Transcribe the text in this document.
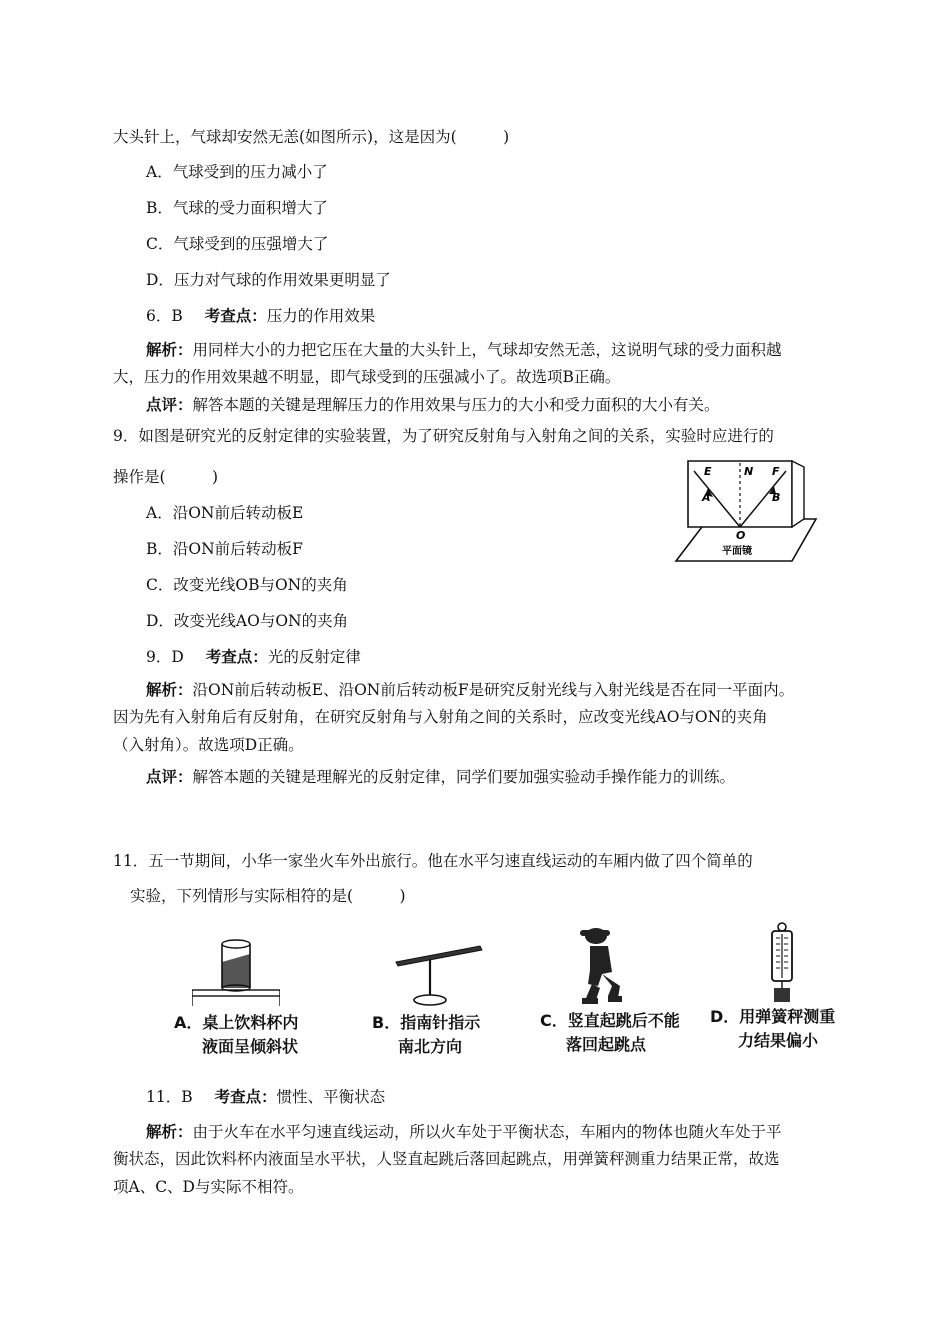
大头针上，气球却安然无恙(如图所示)，这是因为(　　　)
A．气球受到的压力减小了
B．气球的受力面积增大了
C．气球受到的压强增大了
D．压力对气球的作用效果更明显了
6．B 考查点：压力的作用效果
解析：用同样大小的力把它压在大量的大头针上，气球却安然无恙，这说明气球的受力面积越
大，压力的作用效果越不明显，即气球受到的压强减小了。故选项B正确。
点评：解答本题的关键是理解压力的作用效果与压力的大小和受力面积的大小有关。
9．如图是研究光的反射定律的实验装置，为了研究反射角与入射角之间的关系，实验时应进行的
操作是(　　　)
A．沿ON前后转动板E
B．沿ON前后转动板F
C．改变光线OB与ON的夹角
D．改变光线AO与ON的夹角
E	N F
A	B
O
平面镜
9．D 考查点：光的反射定律
解析：沿ON前后转动板E、沿ON前后转动板F是研究反射光线与入射光线是否在同一平面内。
因为先有入射角后有反射角，在研究反射角与入射角之间的关系时，应改变光线AO与ON的夹角
（入射角）。故选项D正确。
点评：解答本题的关键是理解光的反射定律，同学们要加强实验动手操作能力的训练。
11．五一节期间，小华一家坐火车外出旅行。他在水平匀速直线运动的车厢内做了四个简单的
实验，下列情形与实际相符的是(　　　)
A．桌上饮料杯内
液面呈倾斜状
B．指南针指示
南北方向
C．竖直起跳后不能
落回起跳点
D．用弹簧秤测重
力结果偏小
11．B 考查点：惯性、平衡状态
解析：由于火车在水平匀速直线运动，所以火车处于平衡状态，车厢内的物体也随火车处于平
衡状态，因此饮料杯内液面呈水平状，人竖直起跳后落回起跳点，用弹簧秤测重力结果正常，故选
项A、C、D与实际不相符。
